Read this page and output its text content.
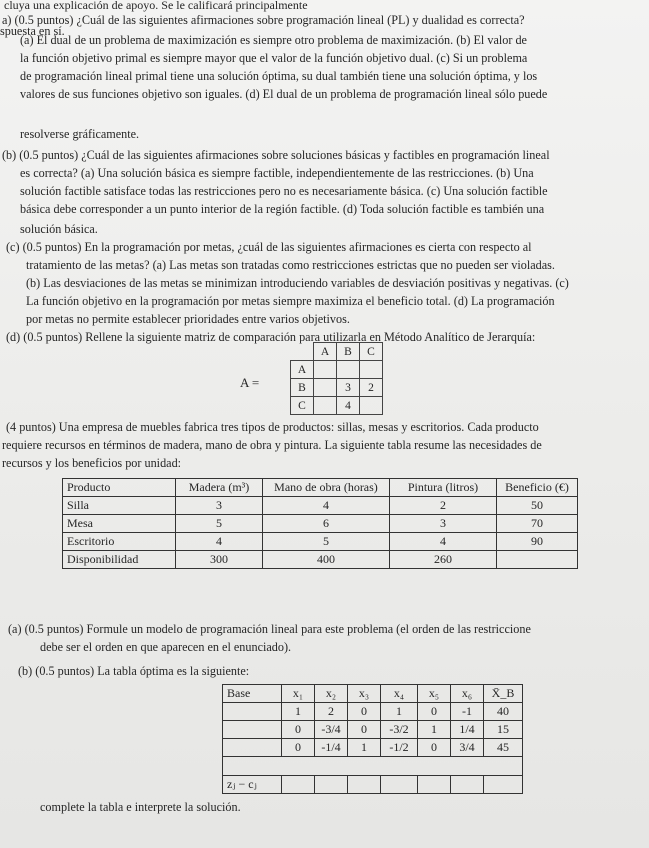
cluya una explicación de apoyo. Se le calificará principalmente
spuesta en sí.
a) (0.5 puntos) ¿Cuál de las siguientes afirmaciones sobre programación lineal (PL) y dualidad es correcta?
(a) El dual de un problema de maximización es siempre otro problema de maximización. (b) El valor de
la función objetivo primal es siempre mayor que el valor de la función objetivo dual. (c) Si un problema
de programación lineal primal tiene una solución óptima, su dual también tiene una solución óptima, y los
valores de sus funciones objetivo son iguales. (d) El dual de un problema de programación lineal sólo puede
resolverse gráficamente.
(b) (0.5 puntos) ¿Cuál de las siguientes afirmaciones sobre soluciones básicas y factibles en programación lineal
es correcta? (a) Una solución básica es siempre factible, independientemente de las restricciones. (b) Una
solución factible satisface todas las restricciones pero no es necesariamente básica. (c) Una solución factible
básica debe corresponder a un punto interior de la región factible. (d) Toda solución factible es también una
solución básica.
(c) (0.5 puntos) En la programación por metas, ¿cuál de las siguientes afirmaciones es cierta con respecto al
tratamiento de las metas? (a) Las metas son tratadas como restricciones estrictas que no pueden ser violadas.
(b) Las desviaciones de las metas se minimizan introduciendo variables de desviación positivas y negativas. (c)
La función objetivo en la programación por metas siempre maximiza el beneficio total. (d) La programación
por metas no permite establecer prioridades entre varios objetivos.
(d) (0.5 puntos) Rellene la siguiente matriz de comparación para utilizarla en Método Analítico de Jerarquía:
A =
	A	B	C
A			
B		3	2
C		4	
(4 puntos) Una empresa de muebles fabrica tres tipos de productos: sillas, mesas y escritorios. Cada producto
requiere recursos en términos de madera, mano de obra y pintura. La siguiente tabla resume las necesidades de
recursos y los beneficios por unidad:
Producto	Madera (m³)	Mano de obra (horas)	Pintura (litros)	Beneficio (€)
Silla	3	4	2	50
Mesa	5	6	3	70
Escritorio	4	5	4	90
Disponibilidad	300	400	260	
(a) (0.5 puntos) Formule un modelo de programación lineal para este problema (el orden de las restriccione
debe ser el orden en que aparecen en el enunciado).
(b) (0.5 puntos) La tabla óptima es la siguiente:
Base	x₁	x₂	x₃	x₄	x₅	x₆	X̄_B
	1	2	0	1	0	-1	40
	0	-3/4	0	-3/2	1	1/4	15
	0	-1/4	1	-1/2	0	3/4	45

zⱼ − cⱼ							
complete la tabla e interprete la solución.
